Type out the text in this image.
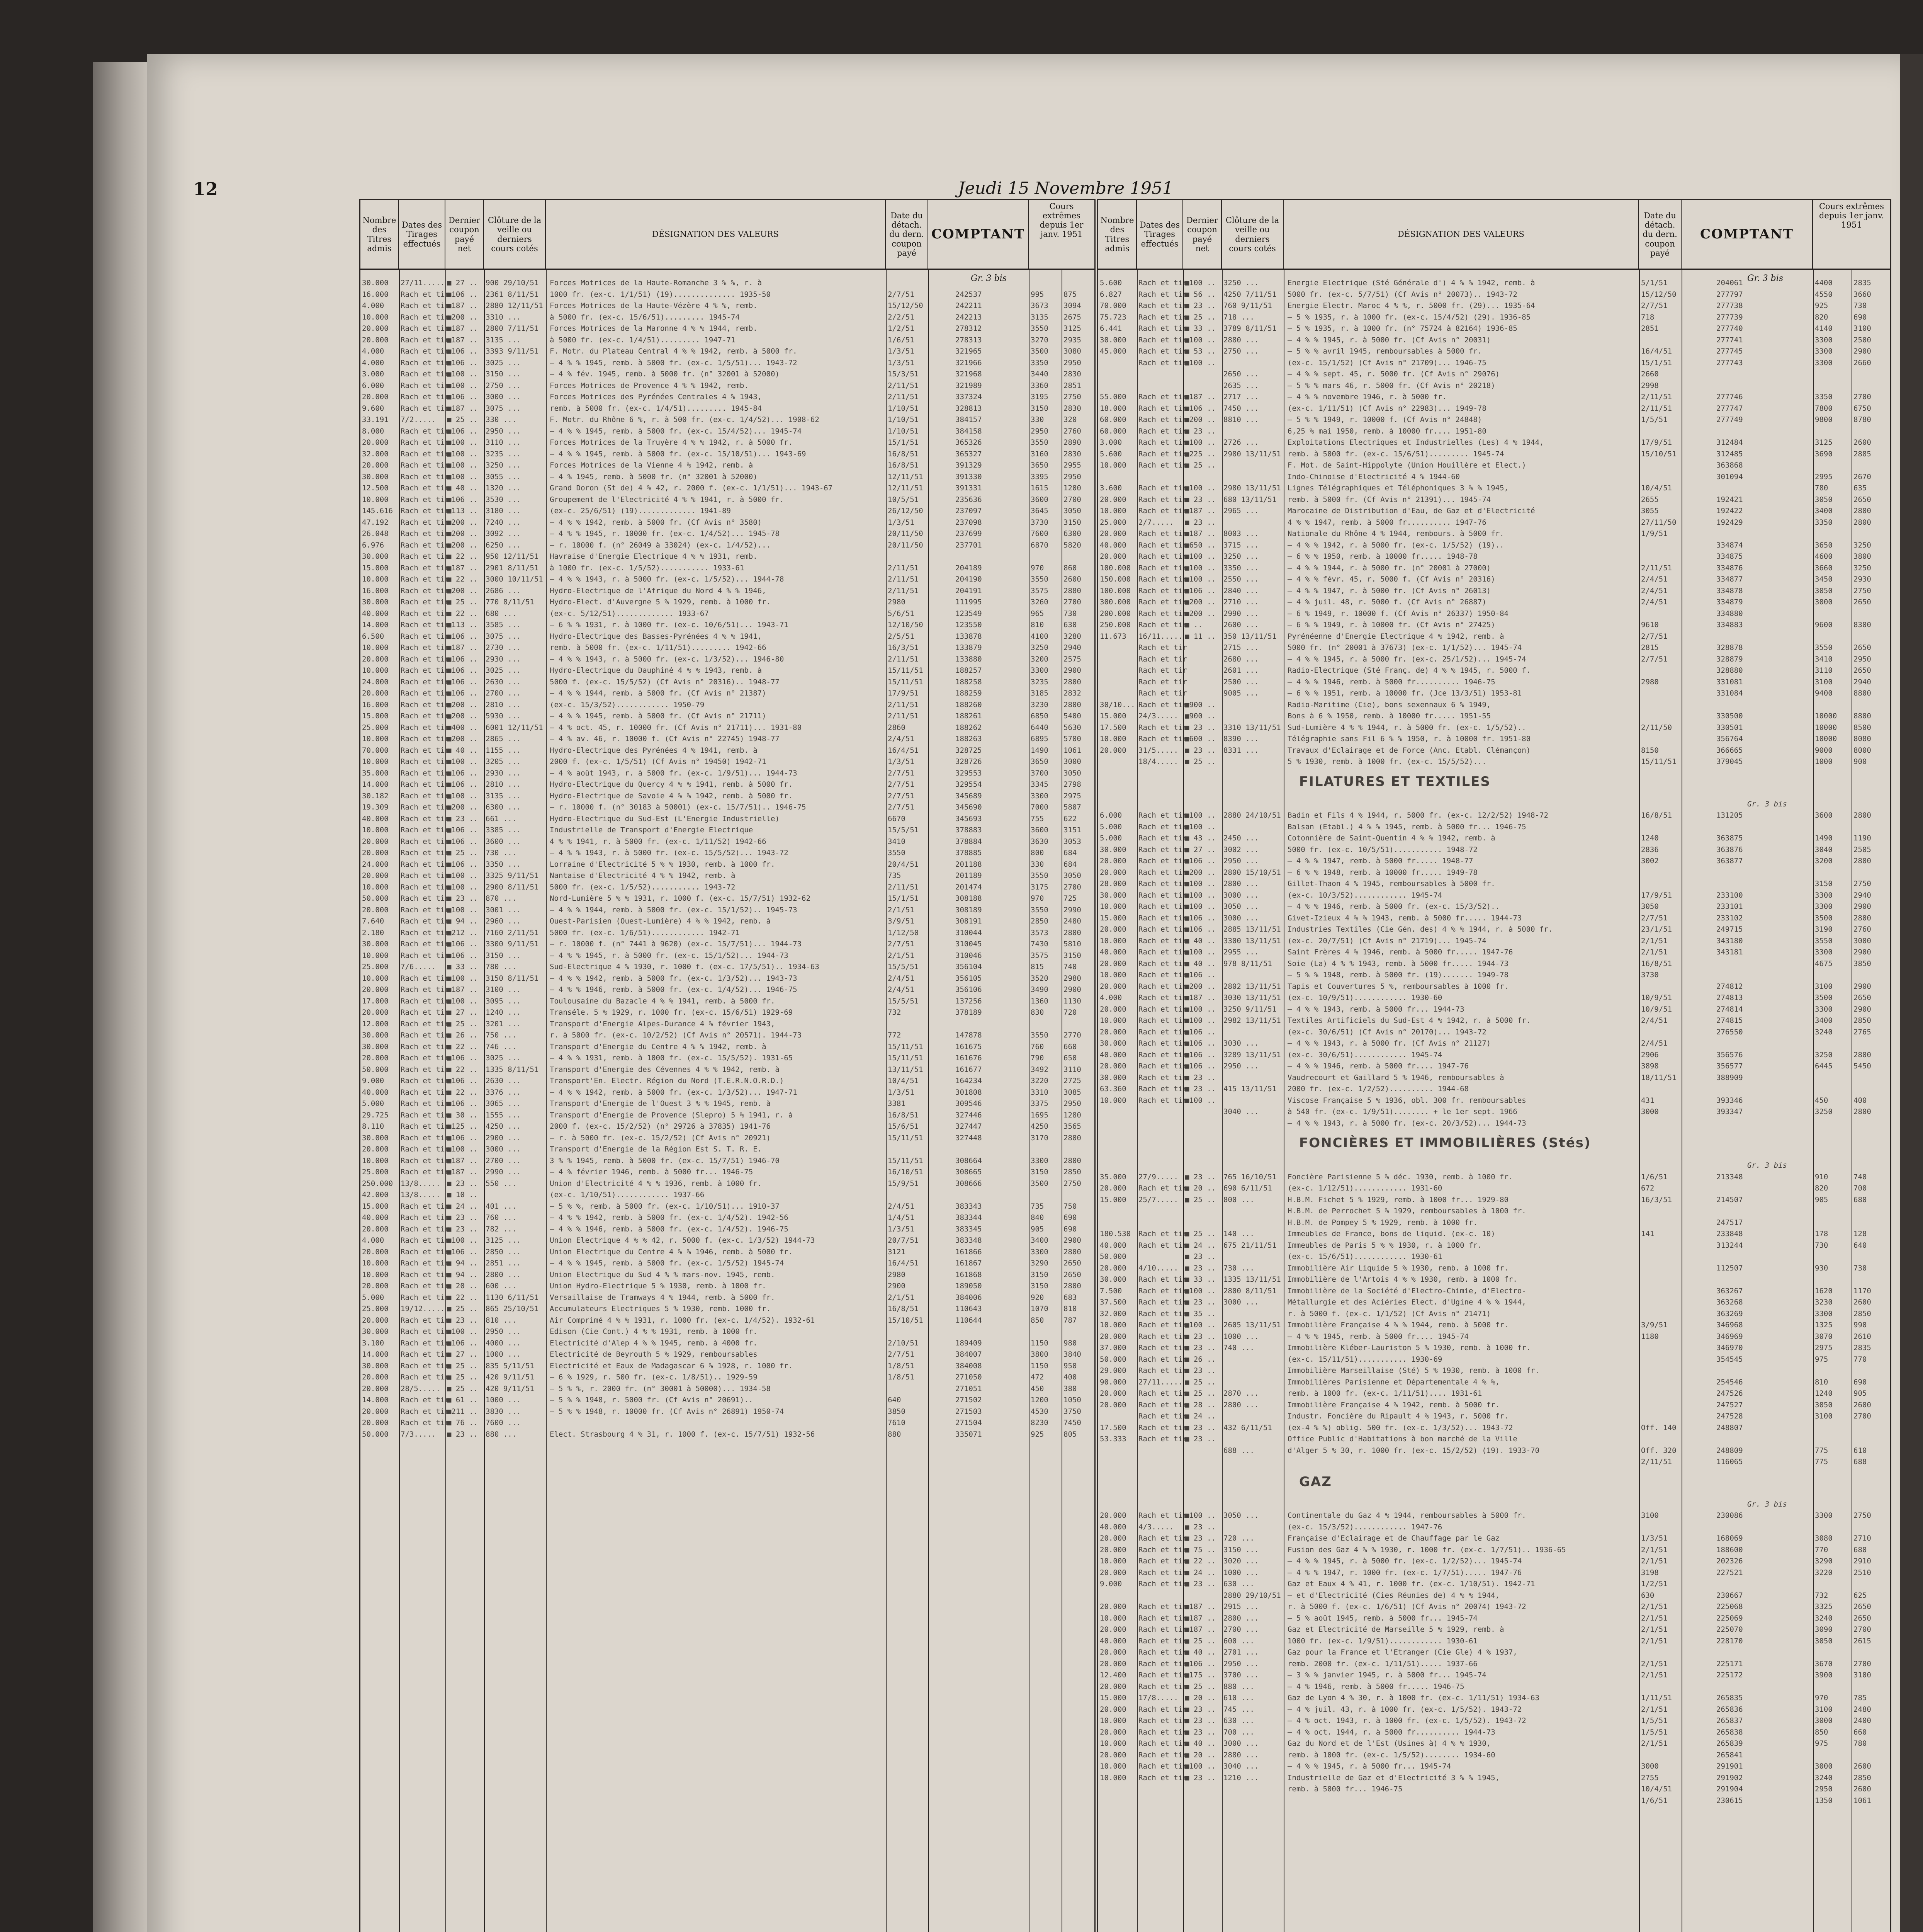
12	Jeudi 15 Novembre 1951
Nombre des Titres admis
Dates des Tirages effectués
Dernier coupon payé net
Clôture de la veille ou derniers cours cotés
DÉSIGNATION DES VALEURS
Date du détach. du dern. coupon payé
COMPTANT
Cours extrêmes depuis 1er janv. 1951
Gr. 3 bis
30.000 27/11..... ■ 27 .. 900 29/10/51 Forces Motrices de la Haute-Romanche 3 % %, r. à
16.000 Rach et tir
■106 .. 2361 8/11/51 1000 fr. (ex-c. 1/1/51) (19).............. 1935-50	2/7/51	242537	995	875
4.000 Rach et tir
■187 .. 2880 12/11/51 Forces Motrices de la Haute-Vézère 4 % %, remb.	15/12/50	242211	3673 3094
10.000 Rach et tir
■200 .. 3310 ...	à 5000 fr. (ex-c. 15/6/51)......... 1945-74	2/2/51	242213	3135 2675
20.000 Rach et tir
■187 .. 2800 7/11/51 Forces Motrices de la Maronne 4 % % 1944, remb.	1/2/51	278312	3550 3125
20.000 Rach et tir
■187 .. 3135 ...	à 5000 fr. (ex-c. 1/4/51)......... 1947-71	1/6/51	278313	3270 2935
4.000 Rach et tir
■106 .. 3393 9/11/51 F. Motr. du Plateau Central 4 % % 1942, remb. à 5000 fr.	1/3/51	321965	3500 3080
4.000 Rach et tir
■106 .. 3025 ...	— 4 % % 1945, remb. à 5000 fr. (ex-c. 1/5/51)... 1943-72	1/3/51	321966	3350 2950
3.000 Rach et tir
■100 .. 3150 ...	— 4 % fév. 1945, remb. à 5000 fr. (n° 32001 à 52000)	15/3/51	321968	3440 2830
6.000 Rach et tir
■100 .. 2750 ...	Forces Motrices de Provence 4 % % 1942, remb.	2/11/51	321989	3360 2851
20.000 Rach et tir
■106 .. 3000 ...	Forces Motrices des Pyrénées Centrales 4 % 1943,	2/11/51	337324	3195 2750
9.600 Rach et tir
■187 .. 3075 ...	remb. à 5000 fr. (ex-c. 1/4/51)......... 1945-84	1/10/51	328813	3150 2830
33.191 7/2..... ■ 25 .. 330 ...	F. Motr. du Rhône 6 %, r. à 500 fr. (ex-c. 1/4/52)... 1908-62	1/10/51	384157	330	320
8.000 Rach et tir
■106 .. 2950 ...	— 4 % % 1945, remb. à 5000 fr. (ex-c. 15/4/52)... 1945-74	1/10/51	384158	2950 2760
20.000 Rach et tir
■100 .. 3110 ...	Forces Motrices de la Truyère 4 % % 1942, r. à 5000 fr.	15/1/51	365326	3550 2890
32.000 Rach et tir
■100 .. 3235 ...	— 4 % % 1945, remb. à 5000 fr. (ex-c. 15/10/51)... 1943-69	16/8/51	365327	3160 2830
20.000 Rach et tir
■100 .. 3250 ...	Forces Motrices de la Vienne 4 % 1942, remb. à	16/8/51	391329	3650 2955
30.000 Rach et tir
■100 .. 3055 ...	— 4 % 1945, remb. à 5000 fr. (n° 32001 à 52000)	12/11/51	391330	3395 2950
12.500 Rach et tir
■ 40 .. 1320 ...	Grand Doron (St de) 4 % 42, r. 2000 f. (ex-c. 1/1/51)... 1943-67	12/11/51	391331	1615 1200
10.000 Rach et tir
■106 .. 3530 ...	Groupement de l'Electricité 4 % % 1941, r. à 5000 fr.	10/5/51	235636	3600 2700
145.616 Rach et tir
■113 .. 3180 ...	(ex-c. 25/6/51) (19)............. 1941-89	26/12/50	237097	3645 3050
47.192 Rach et tir
■200 .. 7240 ...	— 4 % % 1942, remb. à 5000 fr. (Cf Avis n° 3580)	1/3/51	237098	3730 3150
26.048 Rach et tir
■200 .. 3092 ...	— 4 % % 1945, r. 10000 fr. (ex-c. 1/4/52)... 1945-78	20/11/50	237699	7600 6300
6.976 Rach et tir
■200 .. 6250 ...	— r. 10000 f. (n° 26049 à 33024) (ex-c. 1/4/52)...	20/11/50	237701	6870 5820
30.000 Rach et tir
■ 22 .. 950 12/11/51 Havraise d'Energie Electrique 4 % % 1931, remb.
15.000 Rach et tir
■187 .. 2901 8/11/51 à 1000 fr. (ex-c. 1/5/52)........... 1933-61	2/11/51	204189	970	860
10.000 Rach et tir
■ 22 .. 3000 10/11/51 — 4 % % 1943, r. à 5000 fr. (ex-c. 1/5/52)... 1944-78	2/11/51	204190	3550 2600
16.000 Rach et tir
■200 .. 2686 ...	Hydro-Electrique de l'Afrique du Nord 4 % % 1946,	2/11/51	204191	3575 2880
30.000 Rach et tir
■ 25 .. 770 8/11/51 Hydro-Elect. d'Auvergne 5 % 1929, remb. à 1000 fr.	2980	111995	3260 2700
40.000 Rach et tir
■ 22 .. 680 ...	(ex-c. 5/12/51)............. 1933-67	5/6/51	123549	965	730
14.000 Rach et tir
■113 .. 3585 ...	— 6 % % 1931, r. à 1000 fr. (ex-c. 10/6/51)... 1943-71	12/10/50	123550	810	630
6.500 Rach et tir
■106 .. 3075 ...	Hydro-Electrique des Basses-Pyrénées 4 % % 1941,	2/5/51	133878	4100 3280
10.000 Rach et tir
■187 .. 2730 ...	remb. à 5000 fr. (ex-c. 1/11/51)......... 1942-66	16/3/51	133879	3250 2940
20.000 Rach et tir
■106 .. 2930 ...	— 4 % % 1943, r. à 5000 fr. (ex-c. 1/3/52)... 1946-80	2/11/51	133880	3200 2575
10.000 Rach et tir
■106 .. 3025 ...	Hydro-Electrique du Dauphiné 4 % % 1943, remb. à	15/11/51	188257	3300 2900
24.000 Rach et tir
■106 .. 2630 ...	5000 f. (ex-c. 15/5/52) (Cf Avis n° 20316).. 1948-77	15/11/51	188258	3235 2800
20.000 Rach et tir
■106 .. 2700 ...	— 4 % % 1944, remb. à 5000 fr. (Cf Avis n° 21387)	17/9/51	188259	3185 2832
16.000 Rach et tir
■200 .. 2810 ...	(ex-c. 15/3/52)............ 1950-79	2/11/51	188260	3230 2800
15.000 Rach et tir
■200 .. 5930 ...	— 4 % % 1945, remb. à 5000 fr. (Cf Avis n° 21711)	2/11/51	188261	6850 5400
25.000 Rach et tir
■400 .. 6001 12/11/51 — 4 % oct. 45, r. 10000 fr. (Cf Avis n° 21711)... 1931-80	2860	188262	6440 5630
10.000 Rach et tir
■200 .. 2865 ...	— 4 % av. 46, r. 10000 f. (Cf Avis n° 22745) 1948-77	2/4/51	188263	6895 5700
70.000 Rach et tir
■ 40 .. 1155 ...	Hydro-Electrique des Pyrénées 4 % 1941, remb. à	16/4/51	328725	1490 1061
10.000 Rach et tir
■100 .. 3205 ...	2000 f. (ex-c. 1/5/51) (Cf Avis n° 19450) 1942-71	1/3/51	328726	3650 3000
35.000 Rach et tir
■106 .. 2930 ...	— 4 % août 1943, r. à 5000 fr. (ex-c. 1/9/51)... 1944-73	2/7/51	329553	3700 3050
14.000 Rach et tir
■106 .. 2810 ...	Hydro-Electrique du Quercy 4 % % 1941, remb. à 5000 fr.	2/7/51	329554	3345 2798
30.182 Rach et tir
■100 .. 3135 ...	Hydro-Electrique de Savoie 4 % % 1942, remb. à 5000 fr.	2/7/51	345689	3300 2975
19.309 Rach et tir
■200 .. 6300 ...	— r. 10000 f. (n° 30183 à 50001) (ex-c. 15/7/51).. 1946-75	2/7/51	345690	7000 5807
40.000 Rach et tir
■ 23 .. 661 ...	Hydro-Electrique du Sud-Est (L'Energie Industrielle)	6670	345693	755	622
10.000 Rach et tir
■106 .. 3385 ...	Industrielle de Transport d'Energie Electrique	15/5/51	378883	3600 3151
20.000 Rach et tir
■106 .. 3600 ...	4 % % 1941, r. à 5000 fr. (ex-c. 1/11/52) 1942-66	3410	378884	3630 3053
20.000 Rach et tir
■ 25 .. 730 ...	— 4 % % 1943, r. à 5000 fr. (ex-c. 15/5/52)... 1943-72	3550	378885	800	684
24.000 Rach et tir
■106 .. 3350 ...	Lorraine d'Electricité 5 % % 1930, remb. à 1000 fr.	20/4/51	201188	330	684
20.000 Rach et tir
■100 .. 3325 9/11/51 Nantaise d'Electricité 4 % % 1942, remb. à	735	201189	3550 3050
10.000 Rach et tir
■100 .. 2900 8/11/51 5000 fr. (ex-c. 1/5/52)........... 1943-72	2/11/51	201474	3175 2700
50.000 Rach et tir
■ 23 .. 870 ...	Nord-Lumière 5 % % 1931, r. 1000 f. (ex-c. 15/7/51) 1932-62	15/1/51	308188	970	725
20.000 Rach et tir
■100 .. 3001 ...	— 4 % % 1944, remb. à 5000 fr. (ex-c. 15/1/52).. 1945-73	2/1/51	308189	3550 2990
7.640 Rach et tir
■ 94 .. 2960 ...	Ouest-Parisien (Ouest-Lumière) 4 % % 1942, remb. à	3/9/51	308191	2850 2480
2.180 Rach et tir
■212 .. 7160 2/11/51 5000 fr. (ex-c. 1/6/51)............ 1942-71	1/12/50	310044	3573 2800
30.000 Rach et tir
■106 .. 3300 9/11/51 — r. 10000 f. (n° 7441 à 9620) (ex-c. 15/7/51)... 1944-73	2/7/51	310045	7430 5810
10.000 Rach et tir
■106 .. 3150 ...	— 4 % % 1945, r. à 5000 fr. (ex-c. 15/1/52)... 1944-73	2/1/51	310046	3575 3150
25.000 7/6..... ■ 33 .. 780 ...	Sud-Electrique 4 % 1930, r. 1000 f. (ex-c. 17/5/51).. 1934-63	15/5/51	356104	815	740
10.000 Rach et tir
■100 .. 3150 8/11/51 — 4 % % 1942, remb. à 5000 fr. (ex-c. 1/3/52)... 1943-73	2/4/51	356105	3520 2980
20.000 Rach et tir
■187 .. 3100 ...	— 4 % % 1946, remb. à 5000 fr. (ex-c. 1/4/52)... 1946-75	2/4/51	356106	3490 2900
17.000 Rach et tir
■100 .. 3095 ...	Toulousaine du Bazacle 4 % % 1941, remb. à 5000 fr.	15/5/51	137256	1360 1130
20.000 Rach et tir
■ 27 .. 1240 ...	Transéle. 5 % 1929, r. 1000 fr. (ex-c. 15/6/51) 1929-69	732	378189	830	720
12.000 Rach et tir
■ 25 .. 3201 ...	Transport d'Energie Alpes-Durance 4 % février 1943,
30.000 Rach et tir
■ 26 .. 750 ...	r. à 5000 fr. (ex-c. 10/2/52) (Cf Avis n° 20571). 1944-73	772	147878	3550 2770
30.000 Rach et tir
■ 22 .. 746 ...	Transport d'Energie du Centre 4 % % 1942, remb. à	15/11/51	161675	760	660
20.000 Rach et tir
■106 .. 3025 ...	— 4 % % 1931, remb. à 1000 fr. (ex-c. 15/5/52). 1931-65	15/11/51	161676	790	650
50.000 Rach et tir
■ 22 .. 1335 8/11/51 Transport d'Energie des Cévennes 4 % % 1942, remb. à	13/11/51	161677	3492 3110
9.000 Rach et tir
■106 .. 2630 ...	Transport'En. Electr. Région du Nord (T.E.R.N.O.R.D.)	10/4/51	164234	3220 2725
40.000 Rach et tir
■ 22 .. 3376 ...	— 4 % % 1942, remb. à 5000 fr. (ex-c. 1/3/52)... 1947-71	1/3/51	301808	3310 3085
5.000 Rach et tir
■106 .. 3065 ...	Transport d'Energie de l'Ouest 3 % % 1945, remb. à	3381	309546	3375 2950
29.725 Rach et tir
■ 30 .. 1555 ...	Transport d'Energie de Provence (Slepro) 5 % 1941, r. à	16/8/51	327446	1695 1280
8.110 Rach et tir
■125 .. 4250 ...	2000 f. (ex-c. 15/2/52) (n° 29726 à 37835) 1941-76	15/6/51	327447	4250 3565
30.000 Rach et tir
■106 .. 2900 ...	— r. à 5000 fr. (ex-c. 15/2/52) (Cf Avis n° 20921)	15/11/51	327448	3170 2800
20.000 Rach et tir
■100 .. 3000 ...	Transport d'Energie de la Région Est S. T. R. E.
10.000 Rach et tir
■187 .. 2700 ...	3 % % 1945, remb. à 5000 fr. (ex-c. 15/7/51) 1946-70	15/11/51	308664	3300 2800
25.000 Rach et tir
■187 .. 2990 ...	— 4 % février 1946, remb. à 5000 fr... 1946-75	16/10/51	308665	3150 2850
250.000 13/8..... ■ 23 .. 550 ...	Union d'Electricité 4 % % 1936, remb. à 1000 fr.	15/9/51	308666	3500 2750
42.000 13/8..... ■ 10 ..	(ex-c. 1/10/51)............ 1937-66
15.000 Rach et tir
■ 24 .. 401 ...	— 5 % %, remb. à 5000 fr. (ex-c. 1/10/51)... 1910-37	2/4/51	383343	735	750
40.000 Rach et tir
■ 23 .. 760 ...	— 4 % % 1942, remb. à 5000 fr. (ex-c. 1/4/52). 1942-56	1/4/51	383344	840	690
20.000 Rach et tir
■ 23 .. 782 ...	— 4 % % 1946, remb. à 5000 fr. (ex-c. 1/4/52). 1946-75	1/3/51	383345	905	690
4.000 Rach et tir
■100 .. 3125 ...	Union Electrique 4 % % 42, r. 5000 f. (ex-c. 1/3/52) 1944-73	20/7/51	383348	3400 2900
20.000 Rach et tir
■106 .. 2850 ...	Union Electrique du Centre 4 % % 1946, remb. à 5000 fr.	3121	161866	3300 2800
10.000 Rach et tir
■ 94 .. 2851 ...	— 4 % % 1945, remb. à 5000 fr. (ex-c. 1/5/52) 1945-74	16/4/51	161867	3290 2650
10.000 Rach et tir
■ 94 .. 2800 ...	Union Electrique du Sud 4 % % mars-nov. 1945, remb.	2980	161868	3150 2650
20.000 Rach et tir
■ 20 .. 600 ...	Union Hydro-Electrique 5 % 1930, remb. à 1000 fr.	2900	189050	3150 2800
5.000 Rach et tir
■ 22 .. 1130 6/11/51 Versaillaise de Tramways 4 % 1944, remb. à 5000 fr.	2/1/51	384006	920	683
25.000 19/12..... ■ 25 .. 865 25/10/51 Accumulateurs Electriques 5 % 1930, remb. 1000 fr.	16/8/51	110643	1070 810
20.000 Rach et tir
■ 23 .. 810 ...	Air Comprimé 4 % % 1931, r. 1000 fr. (ex-c. 1/4/52). 1932-61	15/10/51	110644	850	787
30.000 Rach et tir
■100 .. 2950 ...	Edison (Cie Cont.) 4 % % 1931, remb. à 1000 fr.
3.100 Rach et tir
■106 .. 4000 ...	Electricité d'Alep 4 % % 1945, remb. à 4000 fr.	2/10/51	189409	1150 980
14.000 Rach et tir
■ 27 .. 1000 ...	Electricité de Beyrouth 5 % 1929, remboursables	2/7/51	384007	3800 3840
30.000 Rach et tir
■ 25 .. 835 5/11/51 Electricité et Eaux de Madagascar 6 % 1928, r. 1000 fr.	1/8/51	384008	1150 950
20.000 Rach et tir
■ 25 .. 420 9/11/51 — 6 % 1929, r. 500 fr. (ex-c. 1/8/51).. 1929-59	1/8/51	271050	472	400
20.000 28/5..... ■ 25 .. 420 9/11/51 — 5 % %, r. 2000 fr. (n° 30001 à 50000)... 1934-58	271051	450	380
14.000 Rach et tir
■ 61 .. 1000 ...	— 5 % % 1948, r. 5000 fr. (Cf Avis n° 20691)..	640	271502	1200 1050
20.000 Rach et tir
■211 .. 3830 ...	— 5 % % 1948, r. 10000 fr. (Cf Avis n° 26891) 1950-74	3850	271503	4530 3750
20.000 Rach et tir
■ 76 .. 7600 ...	7610	271504	8230 7450
50.000 7/3..... ■ 23 .. 880 ...	Elect. Strasbourg 4 % 31, r. 1000 f. (ex-c. 15/7/51) 1932-56	880	335071	925	805
Nombre des Titres admis
Dates des Tirages effectués
Dernier coupon payé net
Clôture de la veille ou derniers cours cotés
DÉSIGNATION DES VALEURS
Date du détach. du dern. coupon payé
COMPTANT
Cours extrêmes depuis 1er janv. 1951
Gr. 3 bis
5.600 Rach et tir
■100 .. 3250 ...	Energie Electrique (Sté Générale d') 4 % % 1942, remb. à	5/1/51	204061	4400	2835
6.827 Rach et tir
■ 56 .. 4250 7/11/51 5000 fr. (ex-c. 5/7/51) (Cf Avis n° 20073).. 1943-72	15/12/50	277797	4550	3660
70.000 Rach et tir
■ 23 .. 760 9/11/51 Energie Electr. Maroc 4 % %, r. 5000 fr. (29)... 1935-64	2/7/51	277738	925	730
75.723 Rach et tir
■ 25 .. 718 ...	— 5 % 1935, r. à 1000 fr. (ex-c. 15/4/52) (29). 1936-85	718	277739	820	690
6.441 Rach et tir
■ 33 .. 3789 8/11/51 — 5 % 1935, r. à 1000 fr. (n° 75724 à 82164) 1936-85	2851	277740	4140	3100
30.000 Rach et tir
■100 .. 2880 ...	— 4 % % 1945, r. à 5000 fr. (Cf Avis n° 20031)	277741	3300	2500
45.000 Rach et tir
■ 53 .. 2750 ...	— 5 % % avril 1945, remboursables à 5000 fr.	16/4/51	277745	3300	2900
Rach et tir
■100 ..	(ex-c. 15/1/52) (Cf Avis n° 21709)... 1946-75	15/1/51	277743	3300	2660
2650 ...	— 4 % % sept. 45, r. 5000 fr. (Cf Avis n° 29076)	2660
2635 ...	— 5 % % mars 46, r. 5000 fr. (Cf Avis n° 20218)	2998
55.000 Rach et tir
■187 .. 2717 ...	— 4 % % novembre 1946, r. à 5000 fr.	2/11/51	277746	3350	2700
18.000 Rach et tir
■106 .. 7450 ...	(ex-c. 1/11/51) (Cf Avis n° 22983)... 1949-78	2/11/51	277747	7800	6750
60.000 Rach et tir
■200 .. 8810 ...	— 5 % % 1949, r. 10000 f. (Cf Avis n° 24848)	1/5/51	277749	9800	8780
60.000 Rach et tir
■ 23 ..	6,25 % mai 1950, remb. à 10000 fr.... 1951-80
3.000 Rach et tir
■100 .. 2726 ...	Exploitations Electriques et Industrielles (Les) 4 % 1944,	17/9/51	312484	3125	2600
5.600 Rach et tir
■225 .. 2980 13/11/51 remb. à 5000 fr. (ex-c. 15/6/51)......... 1945-74	15/10/51	312485	3690	2885
10.000 Rach et tir
■ 25 ..	F. Mot. de Saint-Hippolyte (Union Houillère et Elect.)	363868
Indo-Chinoise d'Electricité 4 % 1944-60	301094	2995	2670
3.600 Rach et tir
■100 .. 2980 13/11/51 Lignes Télégraphiques et Téléphoniques 3 % % 1945,	10/4/51	780	635
20.000 Rach et tir
■ 23 .. 680 13/11/51 remb. à 5000 fr. (Cf Avis n° 21391)... 1945-74	2655	192421	3050	2650
10.000 Rach et tir
■187 .. 2965 ...	Marocaine de Distribution d'Eau, de Gaz et d'Electricité	3055	192422	3400	2800
25.000 2/7..... ■ 23 ..	4 % % 1947, remb. à 5000 fr.......... 1947-76	27/11/50	192429	3350	2800
20.000 Rach et tir
■187 .. 8003 ...	Nationale du Rhône 4 % 1944, rembours. à 5000 fr.	1/9/51
40.000 Rach et tir
■650 .. 3715 ...	— 4 % % 1942, r. à 5000 fr. (ex-c. 1/5/52) (19)..	334874	3650	3250
20.000 Rach et tir
■100 .. 3250 ...	— 6 % % 1950, remb. à 10000 fr..... 1948-78	334875	4600	3800
100.000 Rach et tir
■100 .. 3350 ...	— 4 % % 1944, r. à 5000 fr. (n° 20001 à 27000)	2/11/51	334876	3660	3250
150.000 Rach et tir
■100 .. 2550 ...	— 4 % % févr. 45, r. 5000 f. (Cf Avis n° 20316)	2/4/51	334877	3450	2930
100.000 Rach et tir
■106 .. 2840 ...	— 4 % % 1947, r. à 5000 fr. (Cf Avis n° 26013)	2/4/51	334878	3050	2750
300.000 Rach et tir
■200 .. 2710 ...	— 4 % juil. 48, r. 5000 f. (Cf Avis n° 26887)	2/4/51	334879	3000	2650
200.000 Rach et tir
■200 .. 2990 ...	— 6 % 1949, r. 10000 f. (Cf Avis n° 26337) 1950-84	334880
250.000 Rach et tir
■ ..	2600 ...	— 6 % % 1949, r. à 10000 fr. (Cf Avis n° 27425)	9610	334883	9600	8300
11.673 16/11..... ■ 11 .. 350 13/11/51 Pyrénéenne d'Energie Electrique 4 % 1942, remb. à	2/7/51
Rach et tir	2715 ...	5000 fr. (n° 20001 à 37673) (ex-c. 1/1/52)... 1945-74	2815	328878	3550	2650
Rach et tir	2680 ...	— 4 % % 1945, r. à 5000 fr. (ex-c. 25/1/52)... 1945-74	2/7/51	328879	3410	2950
Rach et tir	2601 ...	Radio-Electrique (Sté Franç. de) 4 % % 1945, r. 5000 f.	328880	3110	2650
Rach et tir	2500 ...	— 4 % % 1946, remb. à 5000 fr.......... 1946-75	2980	331081	3100	2940
Rach et tir	9005 ...	— 6 % % 1951, remb. à 10000 fr. (Jce 13/3/51) 1953-81	331084	9400	8800
30/10.....
Rach et tir
■900 ..	Radio-Maritime (Cie), bons sexennaux 6 % 1949,
15.000 24/3..... ■900 ..	Bons à 6 % 1950, remb. à 10000 fr..... 1951-55	330500	10000 8800
17.500 Rach et tir
■ 23 .. 3310 13/11/51 Sud-Lumière 4 % % 1944, r. à 5000 fr. (ex-c. 1/5/52)..	2/11/50	330501	10000 8500
10.000 Rach et tir
■600 .. 8390 ...	Télégraphie sans Fil 6 % % 1950, r. à 10000 fr. 1951-80	356764	10000 8080
20.000 31/5..... ■ 23 .. 8331 ...	Travaux d'Eclairage et de Force (Anc. Etabl. Clémançon)	8150	366665	9000	8000
18/4..... ■ 25 ..	5 % 1930, remb. à 1000 fr. (ex-c. 15/5/52)...	15/11/51	379045	1000	900
FILATURES ET TEXTILES
Gr. 3 bis
6.000 Rach et tir
■100 .. 2880 24/10/51 Badin et Fils 4 % 1944, r. 5000 fr. (ex-c. 12/2/52) 1948-72	16/8/51	131205	3600	2800
5.000 Rach et tir
■100 ..	Balsan (Etabl.) 4 % % 1945, remb. à 5000 fr... 1946-75
5.000 Rach et tir
■ 43 .. 2450 ...	Cotonnière de Saint-Quentin 4 % % 1942, remb. à	1240	363875	1490	1190
30.000 Rach et tir
■ 27 .. 3002 ...	5000 fr. (ex-c. 10/5/51)........... 1948-72	2836	363876	3040	2505
20.000 Rach et tir
■106 .. 2950 ...	— 4 % % 1947, remb. à 5000 fr..... 1948-77	3002	363877	3200	2800
20.000 Rach et tir
■200 .. 2800 15/10/51 — 6 % % 1948, remb. à 10000 fr..... 1949-78
28.000 Rach et tir
■100 .. 2800 ...	Gillet-Thaon 4 % 1945, remboursables à 5000 fr.	3150	2750
30.000 Rach et tir
■100 .. 3000 ...	(ex-c. 10/3/52)............ 1945-74	17/9/51	233100	3300	2940
10.000 Rach et tir
■100 .. 3050 ...	— 4 % % 1946, remb. à 5000 fr. (ex-c. 15/3/52)..	3050	233101	3300	2900
15.000 Rach et tir
■106 .. 3000 ...	Givet-Izieux 4 % % 1943, remb. à 5000 fr..... 1944-73	2/7/51	233102	3500	2800
20.000 Rach et tir
■106 .. 2885 13/11/51 Industries Textiles (Cie Gén. des) 4 % % 1944, r. à 5000 fr.	23/1/51	249715	3190	2760
10.000 Rach et tir
■ 40 .. 3300 13/11/51 (ex-c. 20/7/51) (Cf Avis n° 21719)... 1945-74	2/1/51	343180	3550	3000
40.000 Rach et tir
■100 .. 2955 ...	Saint Frères 4 % 1946, remb. à 5000 fr..... 1947-76	2/1/51	343181	3300	2900
20.000 Rach et tir
■ 40 .. 978 8/11/51 Soie (La) 4 % % 1943, remb. à 5000 fr..... 1944-73	16/8/51	4675	3850
10.000 Rach et tir
■106 ..	— 5 % % 1948, remb. à 5000 fr. (19)....... 1949-78	3730
20.000 Rach et tir
■200 .. 2802 13/11/51 Tapis et Couvertures 5 %, remboursables à 1000 fr.	274812	3100	2900
4.000 Rach et tir
■187 .. 3030 13/11/51 (ex-c. 10/9/51)............ 1930-60	10/9/51	274813	3500	2650
20.000 Rach et tir
■100 .. 3250 9/11/51 — 4 % % 1943, remb. à 5000 fr... 1944-73	10/9/51	274814	3300	2900
10.000 Rach et tir
■100 .. 2982 13/11/51 Textiles Artificiels du Sud-Est 4 % 1942, r. à 5000 fr.	2/4/51	274815	3400	2850
20.000 Rach et tir
■106 ..	(ex-c. 30/6/51) (Cf Avis n° 20170)... 1943-72	276550	3240	2765
30.000 Rach et tir
■106 .. 3030 ...	— 4 % % 1943, r. à 5000 fr. (Cf Avis n° 21127)	2/4/51
40.000 Rach et tir
■106 .. 3289 13/11/51 (ex-c. 30/6/51)............ 1945-74	2906	356576	3250	2800
20.000 Rach et tir
■106 .. 2950 ...	— 4 % % 1946, remb. à 5000 fr.... 1947-76	3898	356577	6445	5450
30.000 Rach et tir
■ 23 ..	Vaudrecourt et Gaillard 5 % 1946, remboursables à	18/11/51	388909
63.360 Rach et tir
■ 23 .. 415 13/11/51 2000 fr. (ex-c. 1/2/52).......... 1944-68
10.000 Rach et tir
■100 ..	Viscose Française 5 % 1936, obl. 300 fr. remboursables	431	393346	450	400
3040 ...	à 540 fr. (ex-c. 1/9/51)........ + le 1er sept. 1966	3000	393347	3250	2800
— 4 % % 1943, r. à 5000 fr. (ex-c. 20/3/52)... 1944-73
FONCIÈRES ET IMMOBILIÈRES (Stés)
Gr. 3 bis
35.000 27/9..... ■ 23 .. 765 16/10/51 Foncière Parisienne 5 % déc. 1930, remb. à 1000 fr.	1/6/51	213348	910	740
20.000 Rach et tir
■ 20 .. 690 6/11/51 (ex-c. 1/12/51)............ 1931-60	672	820	700
15.000 25/7..... ■ 25 .. 800 ...	H.B.M. Fichet 5 % 1929, remb. à 1000 fr... 1929-80	16/3/51	214507	905	680
H.B.M. de Perrochet 5 % 1929, remboursables à 1000 fr.
H.B.M. de Pompey 5 % 1929, remb. à 1000 fr.	247517
180.530 Rach et tir
■ 25 .. 140 ...	Immeubles de France, bons de liquid. (ex-c. 10)	141	233848	178	128
40.000 Rach et tir
■ 24 .. 675 21/11/51 Immeubles de Paris 5 % % 1930, r. à 1000 fr.	313244	730	640
50.000	■ 23 ..	(ex-c. 15/6/51)............ 1930-61
20.000 4/10..... ■ 23 .. 730 ...	Immobilière Air Liquide 5 % 1930, remb. à 1000 fr.	112507	930	730
30.000 Rach et tir
■ 33 .. 1335 13/11/51 Immobilière de l'Artois 4 % % 1930, remb. à 1000 fr.
7.500 Rach et tir
■100 .. 2800 8/11/51 Immobilière de la Société d'Electro-Chimie, d'Electro-	363267	1620	1170
37.500 Rach et tir
■ 23 .. 3000 ...	Métallurgie et des Aciéries Elect. d'Ugine 4 % % 1944,	363268	3230	2600
32.000 Rach et tir
■ 35 ..	r. à 5000 f. (ex-c. 1/1/52) (Cf Avis n° 21471)	363269	3300	2850
10.000 Rach et tir
■100 .. 2605 13/11/51 Immobilière Française 4 % % 1944, remb. à 5000 fr.	3/9/51	346968	1325	990
20.000 Rach et tir
■ 23 .. 1000 ...	— 4 % % 1945, remb. à 5000 fr.... 1945-74	1180	346969	3070	2610
37.000 Rach et tir
■ 23 .. 740 ...	Immobilière Kléber-Lauriston 5 % 1930, remb. à 1000 fr.	346970	2975	2835
50.000 Rach et tir
■ 26 ..	(ex-c. 15/11/51)........... 1930-69	354545	975	770
29.000 Rach et tir
■ 23 ..	Immobilière Marseillaise (Sté) 5 % 1930, remb. à 1000 fr.
90.000 27/11..... ■ 25 ..	Immobilières Parisienne et Départementale 4 % %,	254546	810	690
20.000 Rach et tir
■ 25 .. 2870 ...	remb. à 1000 fr. (ex-c. 1/11/51).... 1931-61	247526	1240	905
20.000 Rach et tir
■ 28 .. 2800 ...	Immobilière Française 4 % 1942, remb. à 5000 fr.	247527	3050	2600
Rach et tir
■ 24 ..	Industr. Foncière du Ripault 4 % 1943, r. 5000 fr.	247528	3100	2700
17.500 Rach et tir
■ 23 .. 432 6/11/51 (ex-4 % %) oblig. 500 fr. (ex-c. 1/3/52)... 1943-72	Off. 140	248807
53.333 Rach et tir
■ 23 ..	Office Public d'Habitations à bon marché de la Ville
688 ...	d'Alger 5 % 30, r. 1000 fr. (ex-c. 15/2/52) (19). 1933-70	Off. 320	248809	775	610
2/11/51	116065	775	688
GAZ
Gr. 3 bis
20.000 Rach et tir
■100 .. 3050 ...	Continentale du Gaz 4 % 1944, remboursables à 5000 fr.	3100	230086	3300	2750
40.000 4/3..... ■ 23 ..	(ex-c. 15/3/52)............ 1947-76
20.000 Rach et tir
■ 23 .. 720 ...	Française d'Eclairage et de Chauffage par le Gaz	1/3/51	168069	3080	2710
20.000 Rach et tir
■ 75 .. 3150 ...	Fusion des Gaz 4 % % 1930, r. 1000 fr. (ex-c. 1/7/51).. 1936-65	2/1/51	188600	770	680
10.000 Rach et tir
■ 22 .. 3020 ...	— 4 % % 1945, r. à 5000 fr. (ex-c. 1/2/52)... 1945-74	2/1/51	202326	3290	2910
20.000 Rach et tir
■ 24 .. 1000 ...	— 4 % % 1947, r. 1000 fr. (ex-c. 1/7/51)..... 1947-76	3198	227521	3220	2510
9.000 Rach et tir
■ 23 .. 630 ...	Gaz et Eaux 4 % 41, r. 1000 fr. (ex-c. 1/10/51). 1942-71	1/2/51
2880 29/10/51 — et d'Electricité (Cies Réunies de) 4 % % 1944,	630	230667	732	625
20.000 Rach et tir
■187 .. 2915 ...	r. à 5000 f. (ex-c. 1/6/51) (Cf Avis n° 20074) 1943-72	2/1/51	225068	3325	2650
10.000 Rach et tir
■187 .. 2800 ...	— 5 % août 1945, remb. à 5000 fr... 1945-74	2/1/51	225069	3240	2650
20.000 Rach et tir
■187 .. 2700 ...	Gaz et Electricité de Marseille 5 % 1929, remb. à	2/1/51	225070	3090	2700
40.000 Rach et tir
■ 25 .. 600 ...	1000 fr. (ex-c. 1/9/51)............ 1930-61	2/1/51	228170	3050	2615
20.000 Rach et tir
■ 40 .. 2701 ...	Gaz pour la France et l'Etranger (Cie Gle) 4 % 1937,
20.000 Rach et tir
■106 .. 2950 ...	remb. 2000 fr. (ex-c. 1/11/51)..... 1937-66	2/1/51	225171	3670	2700
12.400 Rach et tir
■175 .. 3700 ...	— 3 % % janvier 1945, r. à 5000 fr... 1945-74	2/1/51	225172	3900	3100
20.000 Rach et tir
■ 25 .. 880 ...	— 4 % 1946, remb. à 5000 fr..... 1946-75
15.000 17/8..... ■ 20 .. 610 ...	Gaz de Lyon 4 % 30, r. à 1000 fr. (ex-c. 1/11/51) 1934-63	1/11/51	265835	970	785
20.000 Rach et tir
■ 23 .. 745 ...	— 4 % juil. 43, r. à 1000 fr. (ex-c. 1/5/52). 1943-72	2/1/51	265836	3100	2480
10.000 Rach et tir
■ 23 .. 630 ...	— 4 % oct. 1943, r. à 1000 fr. (ex-c. 1/5/52). 1943-72	1/5/51	265837	3000	2400
20.000 Rach et tir
■ 23 .. 700 ...	— 4 % oct. 1944, r. à 5000 fr.......... 1944-73	1/5/51	265838	850	660
10.000 Rach et tir
■ 40 .. 3000 ...	Gaz du Nord et de l'Est (Usines à) 4 % % 1930,	2/1/51	265839	975	780
20.000 Rach et tir
■ 20 .. 2880 ...	remb. à 1000 fr. (ex-c. 1/5/52)........ 1934-60	265841
10.000 Rach et tir
■100 .. 3040 ...	— 4 % % 1945, r. à 5000 fr... 1945-74	3000	291901	3000	2600
10.000 Rach et tir
■ 23 .. 1210 ...	Industrielle de Gaz et d'Electricité 3 % % 1945,	2755	291902	3240	2850
remb. à 5000 fr... 1946-75	10/4/51	291904	2950	2600
1/6/51	230615	1350	1061
